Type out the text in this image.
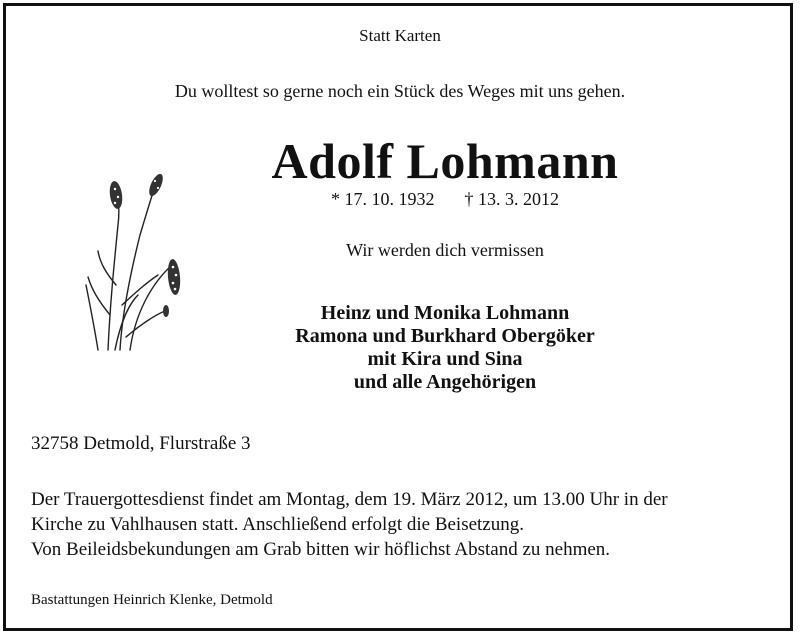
Statt Karten
Du wolltest so gerne noch ein Stück des Weges mit uns gehen.
Adolf Lohmann
* 17. 10. 1932 † 13. 3. 2012
Wir werden dich vermissen
Heinz und Monika Lohmann
Ramona und Burkhard Obergöker
mit Kira und Sina
und alle Angehörigen
32758 Detmold, Flurstraße 3
Der Trauergottesdienst findet am Montag, dem 19. März 2012, um 13.00 Uhr in der
Kirche zu Vahlhausen statt. Anschließend erfolgt die Beisetzung.
Von Beileidsbekundungen am Grab bitten wir höflichst Abstand zu nehmen.
Bastattungen Heinrich Klenke, Detmold
